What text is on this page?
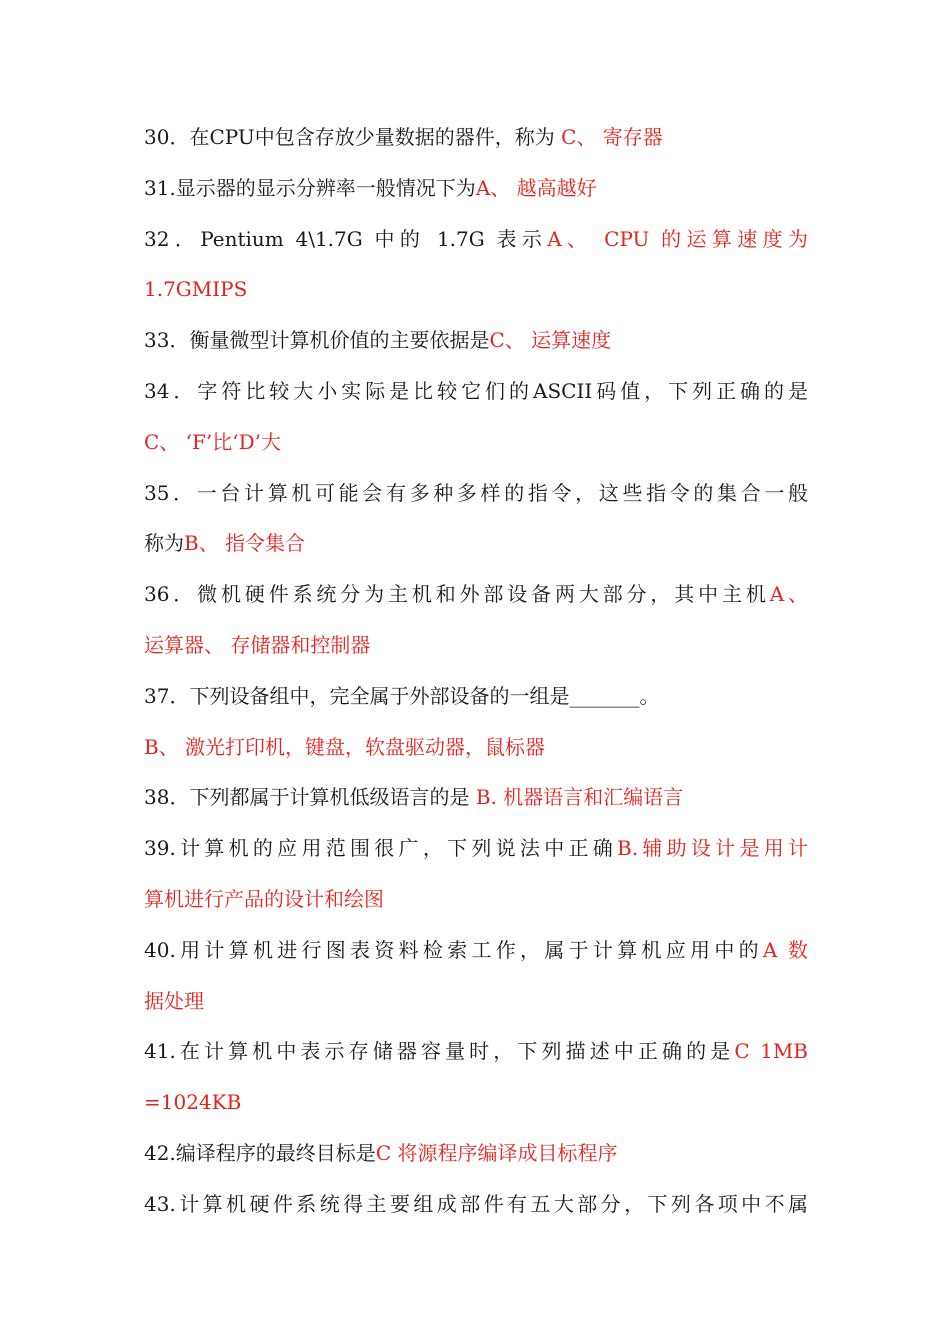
30．在CPU中包含存放少量数据的器件，称为 C、 寄存器
31.显示器的显示分辨率一般情况下为A、 越高越好
32．Pentium 4\1.7G 中的 1.7G 表示A、 CPU 的运算速度为
1.7GMIPS
33．衡量微型计算机价值的主要依据是C、 运算速度
34．字符比较大小实际是比较它们的ASCII码值，下列正确的是
C、 ‘F’比‘D’大
35．一台计算机可能会有多种多样的指令，这些指令的集合一般
称为B、 指令集合
36．微机硬件系统分为主机和外部设备两大部分，其中主机A、
运算器、 存储器和控制器
37．下列设备组中，完全属于外部设备的一组是_______。
B、 激光打印机，键盘，软盘驱动器，鼠标器
38．下列都属于计算机低级语言的是 B. 机器语言和汇编语言
39.计算机的应用范围很广，下列说法中正确B.辅助设计是用计
算机进行产品的设计和绘图
40.用计算机进行图表资料检索工作，属于计算机应用中的A 数
据处理
41.在计算机中表示存储器容量时，下列描述中正确的是C 1MB
=1024KB
42.编译程序的最终目标是C 将源程序编译成目标程序
43.计算机硬件系统得主要组成部件有五大部分，下列各项中不属
